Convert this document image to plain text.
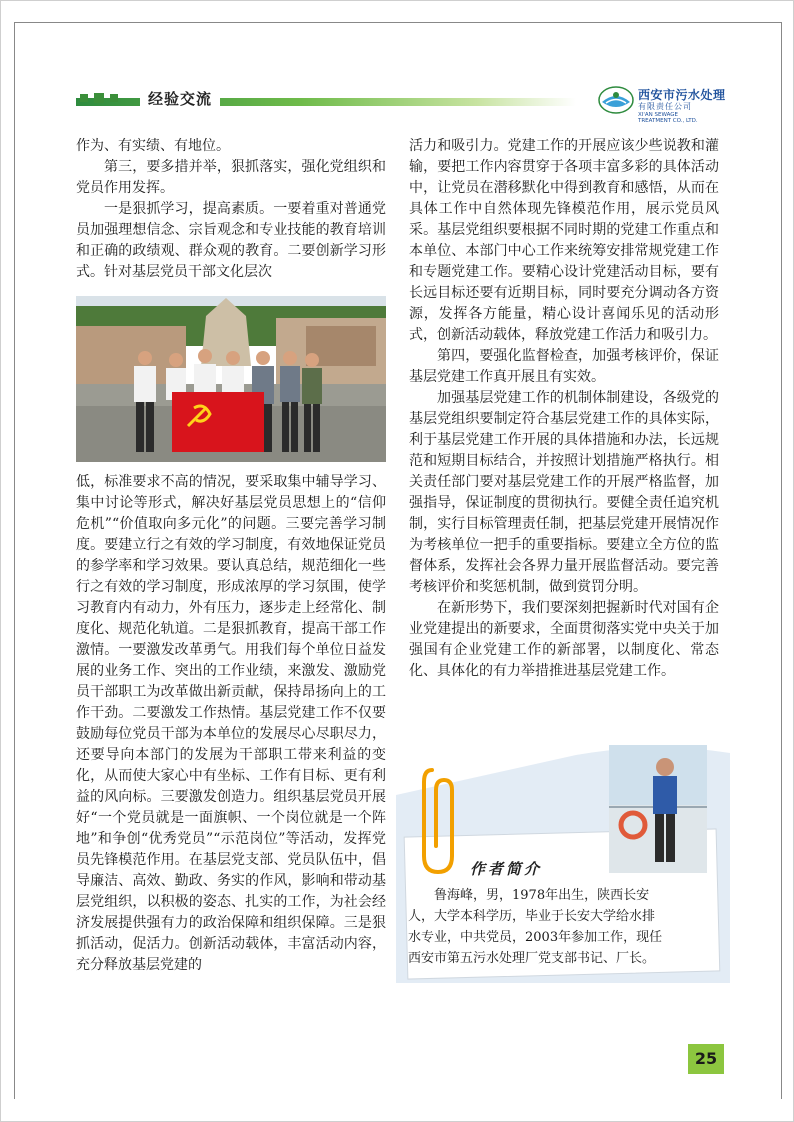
经验交流	西安市污水处理
有限责任公司
XI'AN SEWAGE
TREATMENT CO., LTD.

作为、有实绩、有地位。

第三，要多措并举，狠抓落实，强化党组织和党员作用发挥。

一是狠抓学习，提高素质。一要着重对普通党员加强理想信念、宗旨观念和专业技能的教育培训和正确的政绩观、群众观的教育。二要创新学习形式。针对基层党员干部文化层次

低，标准要求不高的情况，要采取集中辅导学习、集中讨论等形式，解决好基层党员思想上的“信仰危机”“价值取向多元化”的问题。三要完善学习制度。要建立行之有效的学习制度，有效地保证党员的参学率和学习效果。要认真总结，规范细化一些行之有效的学习制度，形成浓厚的学习氛围，使学习教育内有动力，外有压力，逐步走上经常化、制度化、规范化轨道。二是狠抓教育，提高干部工作激情。一要激发改革勇气。用我们每个单位日益发展的业务工作、突出的工作业绩，来激发、激励党员干部职工为改革做出新贡献，保持昂扬向上的工作干劲。二要激发工作热情。基层党建工作不仅要鼓励每位党员干部为本单位的发展尽心尽职尽力，还要导向本部门的发展为干部职工带来利益的变化，从而使大家心中有坐标、工作有目标、更有利益的风向标。三要激发创造力。组织基层党员开展好“一个党员就是一面旗帜、一个岗位就是一个阵地”和争创“优秀党员”“示范岗位”等活动，发挥党员先锋模范作用。在基层党支部、党员队伍中，倡导廉洁、高效、勤政、务实的作风，影响和带动基层党组织，以积极的姿态、扎实的工作，为社会经济发展提供强有力的政治保障和组织保障。三是狠抓活动，促活力。创新活动载体，丰富活动内容，充分释放基层党建的

活力和吸引力。党建工作的开展应该少些说教和灌输，要把工作内容贯穿于各项丰富多彩的具体活动中，让党员在潜移默化中得到教育和感悟，从而在具体工作中自然体现先锋模范作用，展示党员风采。基层党组织要根据不同时期的党建工作重点和本单位、本部门中心工作来统筹安排常规党建工作和专题党建工作。要精心设计党建活动目标，要有长远目标还要有近期目标，同时要充分调动各方资源，发挥各方能量，精心设计喜闻乐见的活动形式，创新活动载体，释放党建工作活力和吸引力。

第四，要强化监督检查，加强考核评价，保证基层党建工作真开展且有实效。

加强基层党建工作的机制体制建设，各级党的基层党组织要制定符合基层党建工作的具体实际，利于基层党建工作开展的具体措施和办法，长远规范和短期目标结合，并按照计划措施严格执行。相关责任部门要对基层党建工作的开展严格监督，加强指导，保证制度的贯彻执行。要健全责任追究机制，实行目标管理责任制，把基层党建开展情况作为考核单位一把手的重要指标。要建立全方位的监督体系，发挥社会各界力量开展监督活动。要完善考核评价和奖惩机制，做到赏罚分明。

在新形势下，我们要深刻把握新时代对国有企业党建提出的新要求，全面贯彻落实党中央关于加强国有企业党建工作的新部署，以制度化、常态化、具体化的有力举措推进基层党建工作。

作者简介
鲁海峰，男，1978年出生，陕西长安
人，大学本科学历，毕业于长安大学给水排
水专业，中共党员，2003年参加工作，现任
西安市第五污水处理厂党支部书记、厂长。
25
